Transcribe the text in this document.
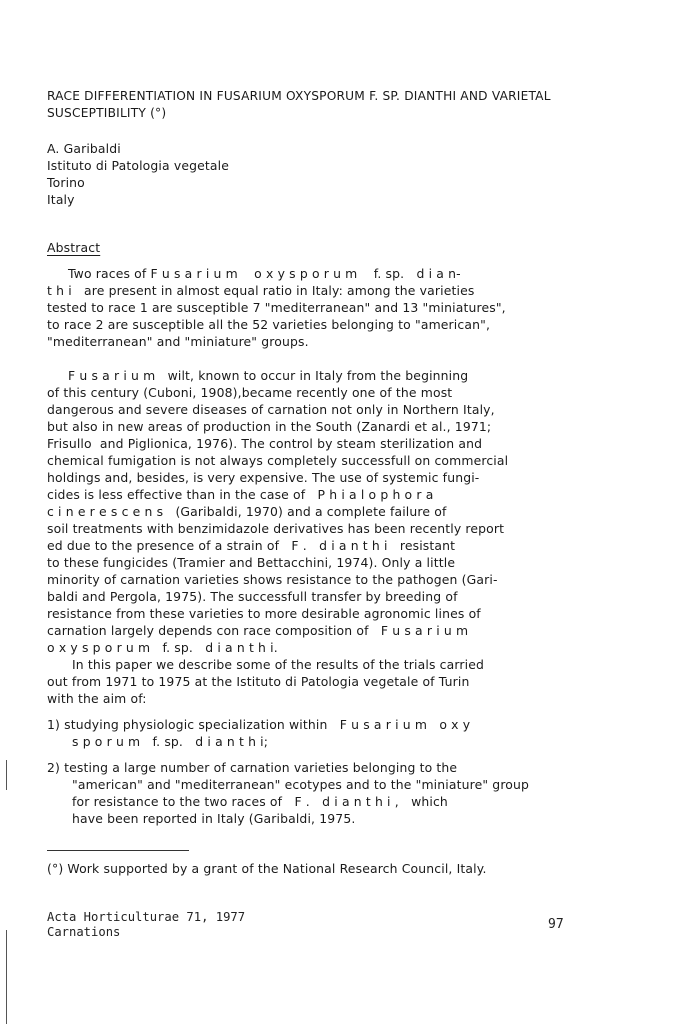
RACE DIFFERENTIATION IN FUSARIUM OXYSPORUM F. SP. DIANTHI AND VARIETAL
SUSCEPTIBILITY (°)
A. Garibaldi
Istituto di Patologia vegetale
Torino
Italy
Abstract
Two races of F u s a r i u m    o x y s p o r u m    f. sp.   d i a n-
t h i   are present in almost equal ratio in Italy: among the varieties
tested to race 1 are susceptible 7 "mediterranean" and 13 "miniatures",
to race 2 are susceptible all the 52 varieties belonging to "american",
"mediterranean" and "miniature" groups.
F u s a r i u m   wilt, known to occur in Italy from the beginning
of this century (Cuboni, 1908),became recently one of the most
dangerous and severe diseases of carnation not only in Northern Italy,
but also in new areas of production in the South (Zanardi et al., 1971;
Frisullo  and Piglionica, 1976). The control by steam sterilization and
chemical fumigation is not always completely successfull on commercial
holdings and, besides, is very expensive. The use of systemic fungi-
cides is less effective than in the case of   P h i a l o p h o r a
c i n e r e s c e n s   (Garibaldi, 1970) and a complete failure of
soil treatments with benzimidazole derivatives has been recently report
ed due to the presence of a strain of   F .   d i a n t h i   resistant
to these fungicides (Tramier and Bettacchini, 1974). Only a little
minority of carnation varieties shows resistance to the pathogen (Gari-
baldi and Pergola, 1975). The successfull transfer by breeding of
resistance from these varieties to more desirable agronomic lines of
carnation largely depends con race composition of   F u s a r i u m
o x y s p o r u m   f. sp.   d i a n t h i.
In this paper we describe some of the results of the trials carried
out from 1971 to 1975 at the Istituto di Patologia vegetale of Turin
with the aim of:
1) studying physiologic specialization within   F u s a r i u m   o x y
s p o r u m   f. sp.   d i a n t h i;
2) testing a large number of carnation varieties belonging to the
"american" and "mediterranean" ecotypes and to the "miniature" group
for resistance to the two races of   F .   d i a n t h i ,   which
have been reported in Italy (Garibaldi, 1975.
(°) Work supported by a grant of the National Research Council, Italy.
Acta Horticulturae 71, 1977
Carnations	97
